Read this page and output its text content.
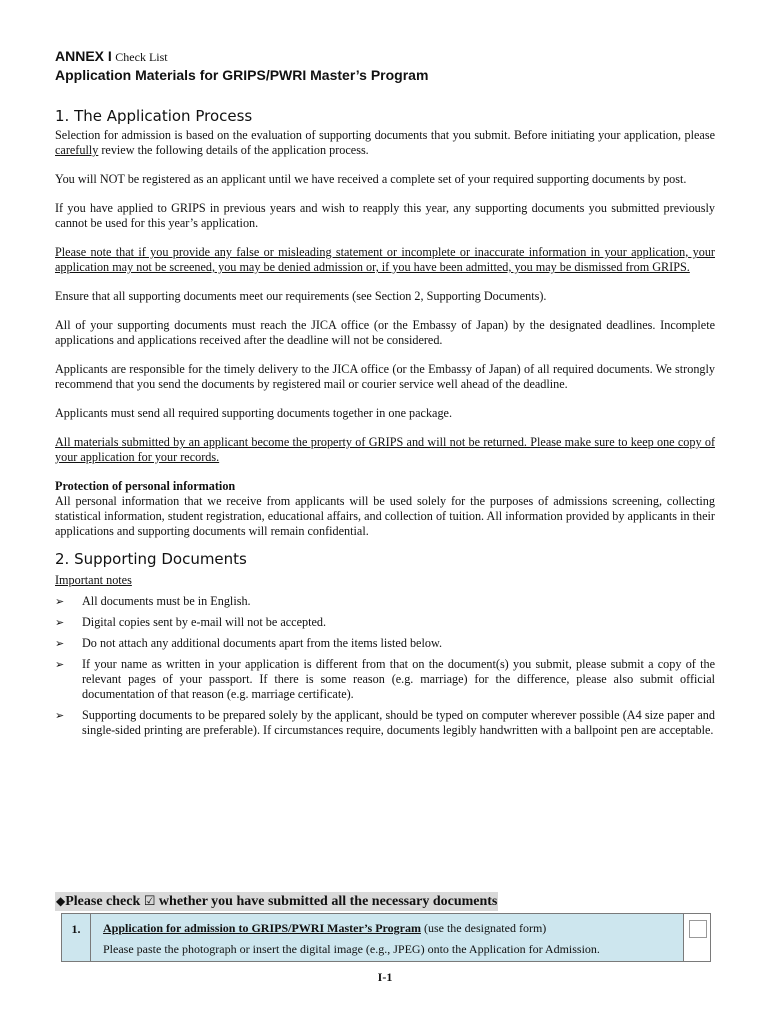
ANNEX I Check List
Application Materials for GRIPS/PWRI Master’s Program
1. The Application Process

Selection for admission is based on the evaluation of supporting documents that you submit. Before initiating your application, please carefully review the following details of the application process.

You will NOT be registered as an applicant until we have received a complete set of your required supporting documents by post.

If you have applied to GRIPS in previous years and wish to reapply this year, any supporting documents you submitted previously cannot be used for this year’s application.

Please note that if you provide any false or misleading statement or incomplete or inaccurate information in your application, your application may not be screened, you may be denied admission or, if you have been admitted, you may be dismissed from GRIPS.

Ensure that all supporting documents meet our requirements (see Section 2, Supporting Documents).

All of your supporting documents must reach the JICA office (or the Embassy of Japan) by the designated deadlines. Incomplete applications and applications received after the deadline will not be considered.

Applicants are responsible for the timely delivery to the JICA office (or the Embassy of Japan) of all required documents. We strongly recommend that you send the documents by registered mail or courier service well ahead of the deadline.

Applicants must send all required supporting documents together in one package.

All materials submitted by an applicant become the property of GRIPS and will not be returned. Please make sure to keep one copy of your application for your records.

Protection of personal information

All personal information that we receive from applicants will be used solely for the purposes of admissions screening, collecting statistical information, student registration, educational affairs, and collection of tuition. All information provided by applicants in their applications and supporting documents will remain confidential.

2. Supporting Documents

Important notes

➢ All documents must be in English.
➢ Digital copies sent by e-mail will not be accepted.
➢ Do not attach any additional documents apart from the items listed below.
➢ If your name as written in your application is different from that on the document(s) you submit, please submit a copy of the relevant pages of your passport. If there is some reason (e.g. marriage) for the difference, please also submit official documentation of that reason (e.g. marriage certificate).
➢ Supporting documents to be prepared solely by the applicant, should be typed on computer wherever possible (A4 size paper and single-sided printing are preferable). If circumstances require, documents legibly handwritten with a ballpoint pen are acceptable.
◆Please check ☑ whether you have submitted all the necessary documents
1.	Application for admission to GRIPS/PWRI Master’s Program (use the designated form)
Please paste the photograph or insert the digital image (e.g., JPEG) onto the Application for Admission.

I-1
